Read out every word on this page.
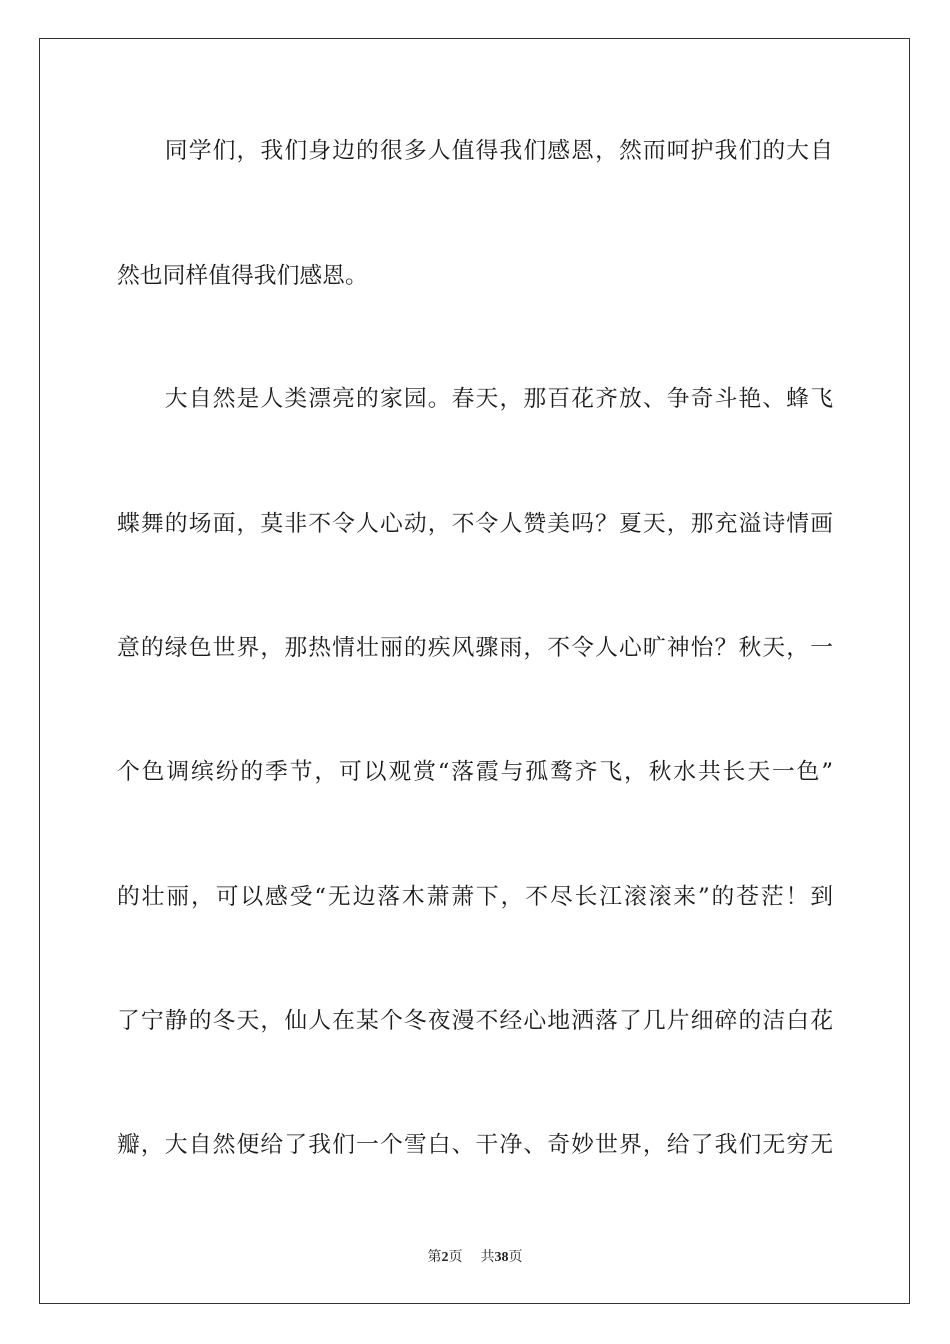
　　同学们，我们身边的很多人值得我们感恩，然而呵护我们的大自
然也同样值得我们感恩。
　　大自然是人类漂亮的家园。春天，那百花齐放、争奇斗艳、蜂飞
蝶舞的场面，莫非不令人心动，不令人赞美吗？夏天，那充溢诗情画
意的绿色世界，那热情壮丽的疾风骤雨，不令人心旷神怡？秋天，一
个色调缤纷的季节，可以观赏“落霞与孤鹜齐飞，秋水共长天一色”
的壮丽，可以感受“无边落木萧萧下，不尽长江滚滚来”的苍茫！到
了宁静的冬天，仙人在某个冬夜漫不经心地洒落了几片细碎的洁白花
瓣，大自然便给了我们一个雪白、干净、奇妙世界，给了我们无穷无
第2页 共38页
